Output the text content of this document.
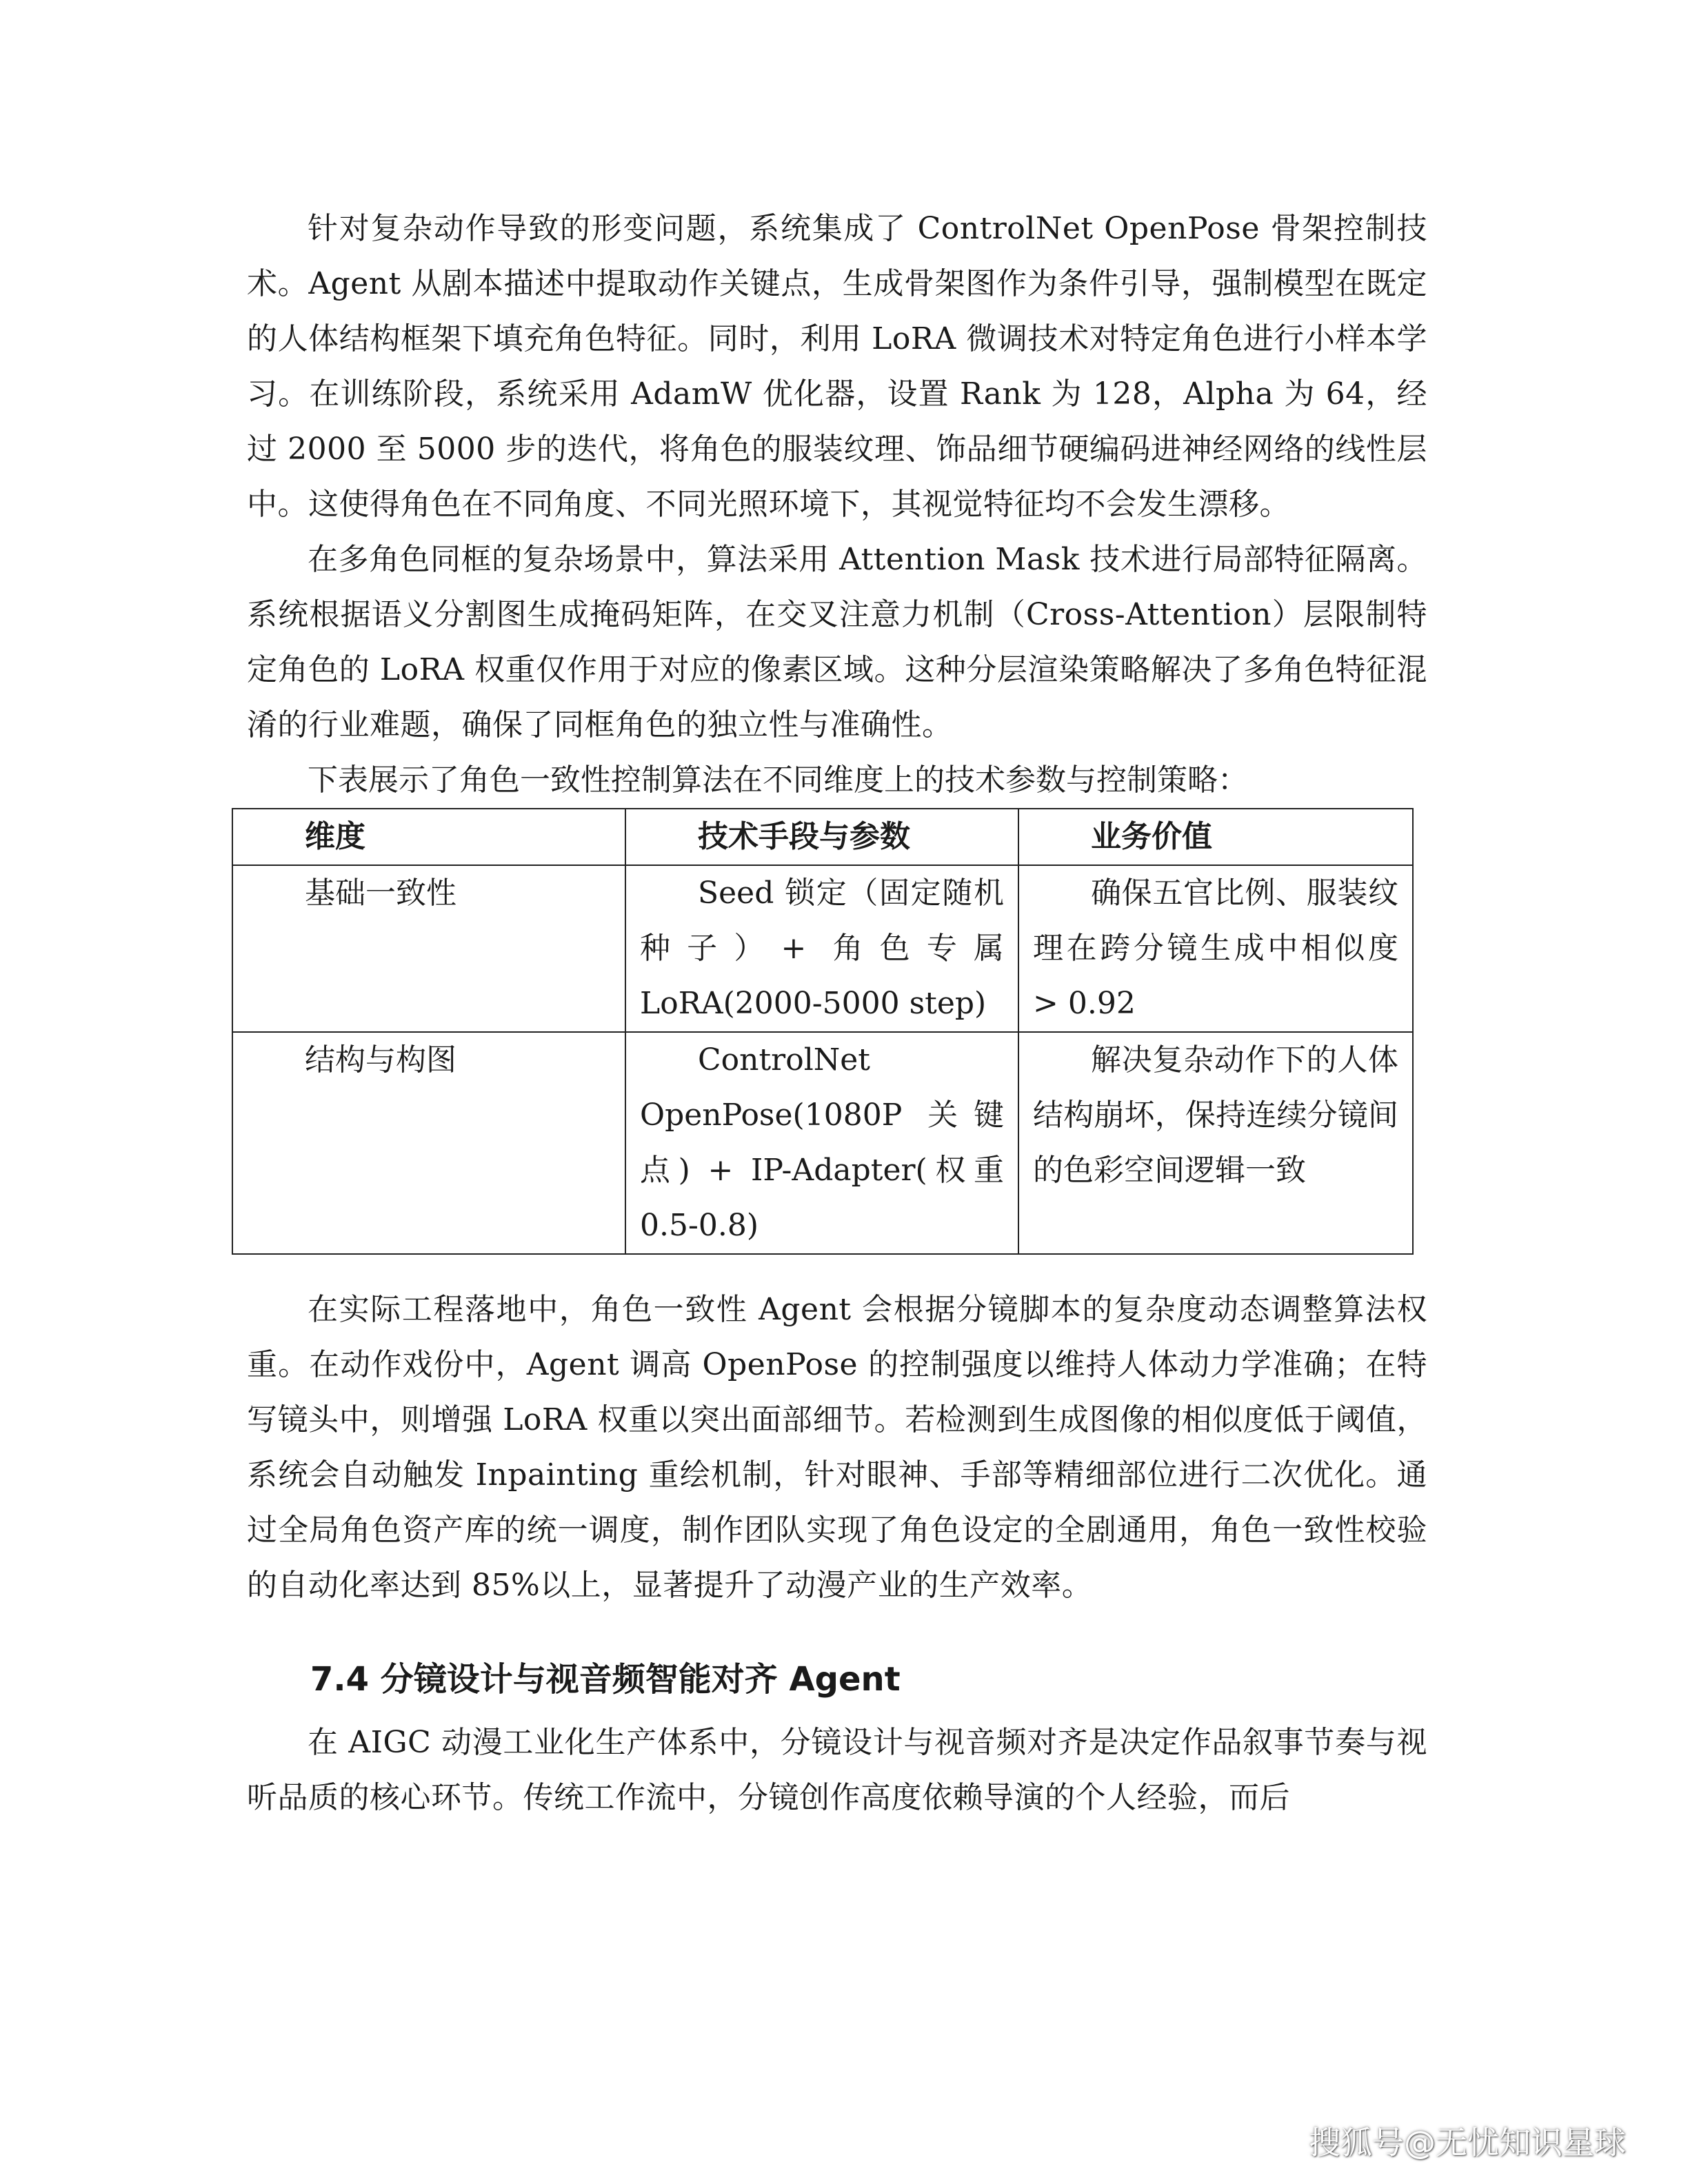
针对复杂动作导致的形变问题，系统集成了 ControlNet OpenPose 骨架控制技术。Agent 从剧本描述中提取动作关键点，生成骨架图作为条件引导，强制模型在既定的人体结构框架下填充角色特征。同时，利用 LoRA 微调技术对特定角色进行小样本学习。在训练阶段，系统采用 AdamW 优化器，设置 Rank 为 128，Alpha 为 64，经过 2000 至 5000 步的迭代，将角色的服装纹理、饰品细节硬编码进神经网络的线性层中。这使得角色在不同角度、不同光照环境下，其视觉特征均不会发生漂移。

在多角色同框的复杂场景中，算法采用 Attention Mask 技术进行局部特征隔离。系统根据语义分割图生成掩码矩阵，在交叉注意力机制（Cross-Attention）层限制特定角色的 LoRA 权重仅作用于对应的像素区域。这种分层渲染策略解决了多角色特征混淆的行业难题，确保了同框角色的独立性与准确性。

下表展示了角色一致性控制算法在不同维度上的技术参数与控制策略：

维度	技术手段与参数	业务价值
基础一致性	Seed 锁定（固定随机种子）+ 角色专属 LoRA(2000-5000 step)	确保五官比例、服装纹理在跨分镜生成中相似度 > 0.92

结构与构图	ControlNet OpenPose(1080P 关键点) + IP-Adapter(权重 0.5-0.8)	解决复杂动作下的人体结构崩坏，保持连续分镜间的色彩空间逻辑一致

在实际工程落地中，角色一致性 Agent 会根据分镜脚本的复杂度动态调整算法权重。在动作戏份中，Agent 调高 OpenPose 的控制强度以维持人体动力学准确；在特写镜头中，则增强 LoRA 权重以突出面部细节。若检测到生成图像的相似度低于阈值，系统会自动触发 Inpainting 重绘机制，针对眼神、手部等精细部位进行二次优化。通过全局角色资产库的统一调度，制作团队实现了角色设定的全剧通用，角色一致性校验的自动化率达到 85%以上，显著提升了动漫产业的生产效率。

7.4 分镜设计与视音频智能对齐 Agent

在 AIGC 动漫工业化生产体系中，分镜设计与视音频对齐是决定作品叙事节奏与视听品质的核心环节。传统工作流中，分镜创作高度依赖导演的个人经验，而后

搜狐号@无忧知识星球
